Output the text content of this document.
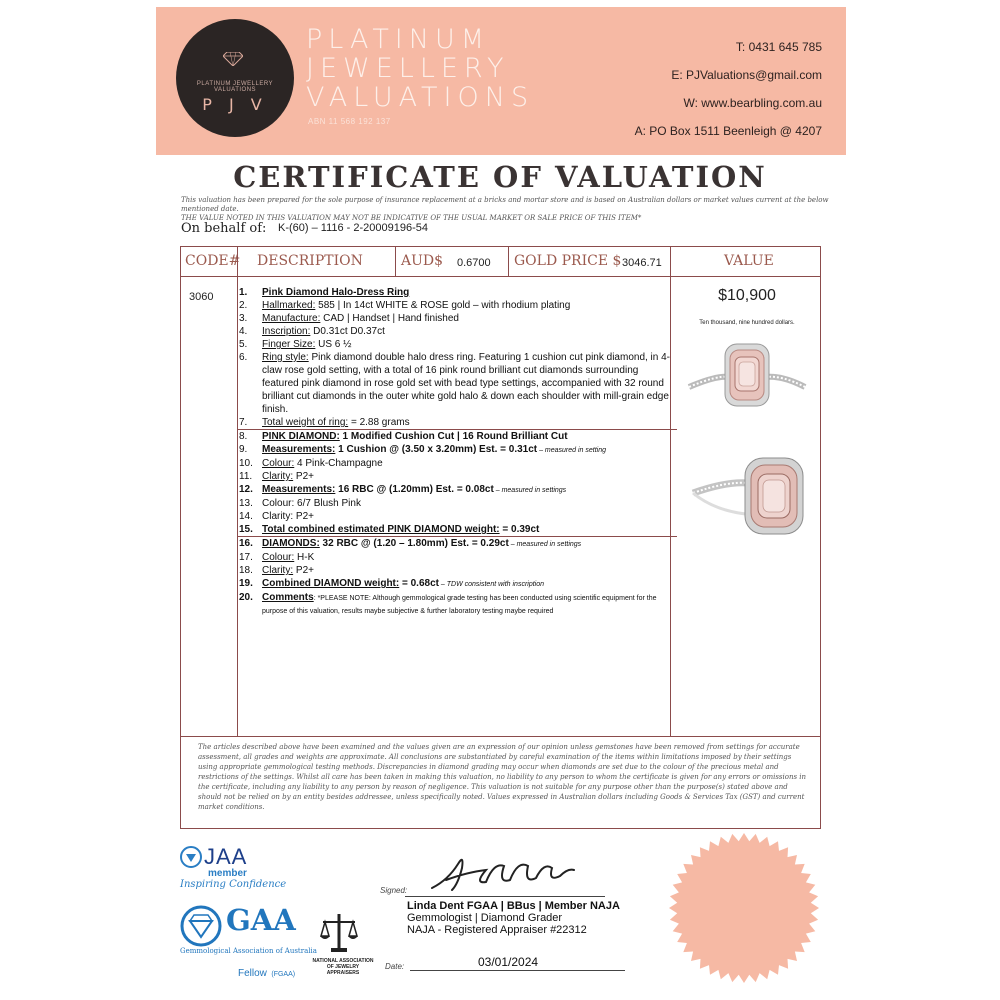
PLATINUM JEWELLERY VALUATIONS
P J V
PLATINUM
JEWELLERY
VALUATIONS
ABN 11 568 192 137
T: 0431 645 785
E: PJValuations@gmail.com
W: www.bearbling.com.au
A: PO Box 1511 Beenleigh @ 4207
CERTIFICATE OF VALUATION
This valuation has been prepared for the sole purpose of insurance replacement at a bricks and mortar store and is based on Australian dollars or market values current at the below mentioned date.
THE VALUE NOTED IN THIS VALUATION MAY NOT BE INDICATIVE OF THE USUAL MARKET OR SALE PRICE OF THIS ITEM*
On behalf of: K-(60) – 1116 - 2-20009196-54
CODE# DESCRIPTION	AUD$ 0.6700 GOLD PRICE $ 3046.71	VALUE
3060	1.	Pink Diamond Halo-Dress Ring
2.	Hallmarked: 585 | In 14ct WHITE & ROSE gold – with rhodium plating
3.	Manufacture: CAD | Handset | Hand finished
4.	Inscription: D0.31ct D0.37ct
5.	Finger Size: US 6 ½
6.	Ring style: Pink diamond double halo dress ring. Featuring 1 cushion cut pink diamond, in 4-claw rose gold setting, with a total of 16 pink round brilliant cut diamonds surrounding featured pink diamond in rose gold set with bead type settings, accompanied with 32 round brilliant cut diamonds in the outer white gold halo & down each shoulder with mill-grain edge finish.
7.	Total weight of ring: = 2.88 grams
8.	PINK DIAMOND: 1 Modified Cushion Cut | 16 Round Brilliant Cut
9.	Measurements: 1 Cushion @ (3.50 x 3.20mm) Est. = 0.31ct – measured in setting
10. Colour: 4 Pink-Champagne
11. Clarity: P2+
12. Measurements: 16 RBC @ (1.20mm) Est. = 0.08ct – measured in settings
13. Colour: 6/7 Blush Pink
14. Clarity: P2+
15. Total combined estimated PINK DIAMOND weight: = 0.39ct
16. DIAMONDS: 32 RBC @ (1.20 – 1.80mm) Est. = 0.29ct – measured in settings
17. Colour: H-K
18. Clarity: P2+
19. Combined DIAMOND weight: = 0.68ct – TDW consistent with inscription
20. Comments: *PLEASE NOTE: Although gemmological grade testing has been conducted using scientific equipment for the purpose of this valuation, results maybe subjective & further laboratory testing maybe required
$10,900
Ten thousand, nine hundred dollars.
The articles described above have been examined and the values given are an expression of our opinion unless gemstones have been removed from settings for accurate assessment, all grades and weights are approximate. All conclusions are substantiated by careful examination of the items within limitations imposed by their settings using appropriate gemmological testing methods. Discrepancies in diamond grading may occur when diamonds are set due to the colour of the precious metal and restrictions of the settings. Whilst all care has been taken in making this valuation, no liability to any person to whom the certificate is given for any errors or omissions in the certificate, including any liability to any person by reason of negligence. This valuation is not suitable for any purpose other than the purpose(s) stated above and should not be relied on by an entity besides addressee, unless specifically noted. Values expressed in Australian dollars including Goods & Services Tax (GST) and current market conditions.
JAA
member
Inspiring Confidence
GAA
Gemmological Association of Australia
Fellow (FGAA)
NATIONAL ASSOCIATION OF JEWELRY APPRAISERS
Signed:
Linda Dent FGAA | BBus | Member NAJA
Gemmologist | Diamond Grader
NAJA - Registered Appraiser #22312
Date:	03/01/2024
